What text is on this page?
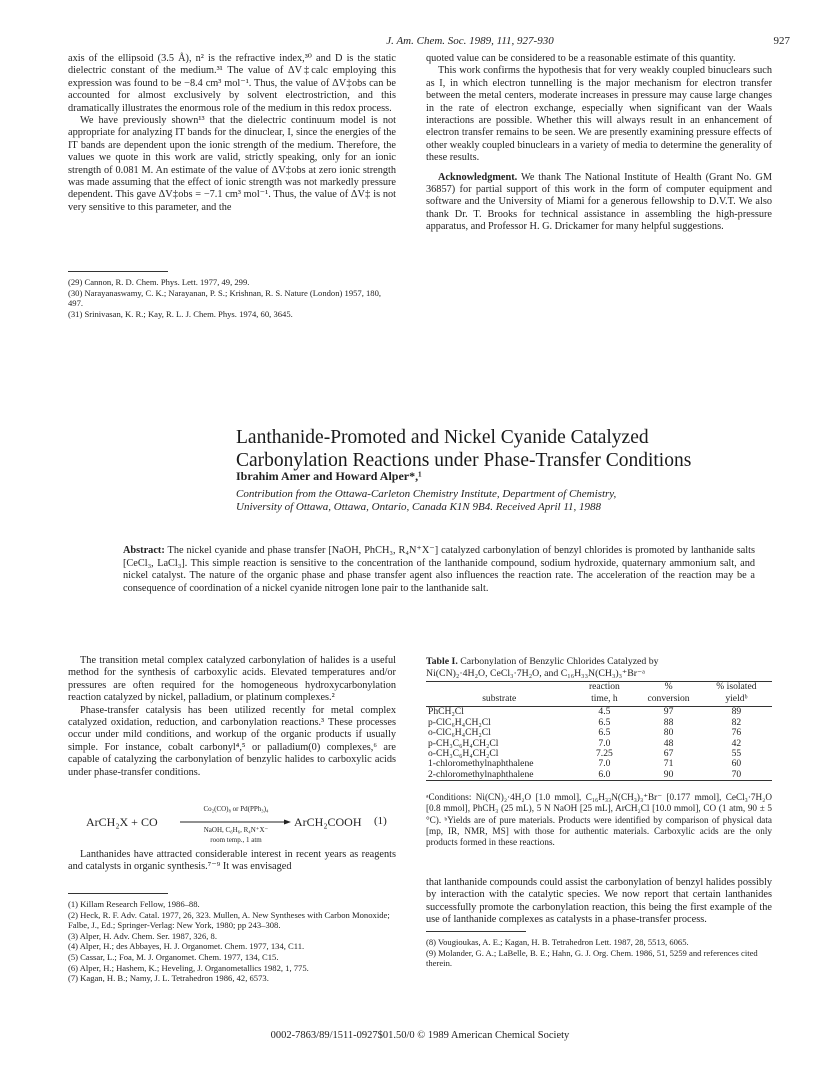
J. Am. Chem. Soc. 1989, 111, 927-930	927

axis of the ellipsoid (3.5 Å), n² is the refractive index,³⁰ and D is the static dielectric constant of the medium.³¹ The value of ΔV‡calc employing this expression was found to be −8.4 cm³ mol⁻¹. Thus, the value of ΔV‡obs can be accounted for almost exclusively by solvent electrostriction, and this dramatically illustrates the enormous role of the medium in this redox process.

We have previously shown¹³ that the dielectric continuum model is not appropriate for analyzing IT bands for the dinuclear, I, since the energies of the IT bands are dependent upon the ionic strength of the medium. Therefore, the values we quote in this work are valid, strictly speaking, only for an ionic strength of 0.081 M. An estimate of the value of ΔV‡obs at zero ionic strength was made assuming that the effect of ionic strength was not markedly pressure dependent. This gave ΔV‡obs = −7.1 cm³ mol⁻¹. Thus, the value of ΔV‡ is not very sensitive to this parameter, and the

(29) Cannon, R. D. Chem. Phys. Lett. 1977, 49, 299.
(30) Narayanaswamy, C. K.; Narayanan, P. S.; Krishnan, R. S. Nature (London) 1957, 180, 497.
(31) Srinivasan, K. R.; Kay, R. L. J. Chem. Phys. 1974, 60, 3645.

quoted value can be considered to be a reasonable estimate of this quantity.

This work confirms the hypothesis that for very weakly coupled binuclears such as I, in which electron tunnelling is the major mechanism for electron transfer between the metal centers, moderate increases in pressure may cause large changes in the rate of electron exchange, especially when significant van der Waals interactions are possible. Whether this will always result in an enhancement of electron transfer remains to be seen. We are presently examining pressure effects of other weakly coupled binuclears in a variety of media to determine the generality of these results.

Acknowledgment. We thank The National Institute of Health (Grant No. GM 36857) for partial support of this work in the form of computer equipment and software and the University of Miami for a generous fellowship to D.V.T. We also thank Dr. T. Brooks for technical assistance in assembling the high-pressure apparatus, and Professor H. G. Drickamer for many helpful suggestions.

Lanthanide-Promoted and Nickel Cyanide Catalyzed
Carbonylation Reactions under Phase-Transfer Conditions
Ibrahim Amer and Howard Alper*,¹
Contribution from the Ottawa-Carleton Chemistry Institute, Department of Chemistry,
University of Ottawa, Ottawa, Ontario, Canada K1N 9B4. Received April 11, 1988

Abstract: The nickel cyanide and phase transfer [NaOH, PhCH₃, R₄N⁺X⁻] catalyzed carbonylation of benzyl chlorides is promoted by lanthanide salts [CeCl₃, LaCl₃]. This simple reaction is sensitive to the concentration of the lanthanide compound, sodium hydroxide, quaternary ammonium salt, and nickel catalyst. The nature of the organic phase and phase transfer agent also influences the reaction rate. The acceleration of the reaction may be a consequence of coordination of a nickel cyanide nitrogen lone pair to the lanthanide salt.

The transition metal complex catalyzed carbonylation of halides is a useful method for the synthesis of carboxylic acids. Elevated temperatures and/or pressures are often required for the homogeneous hydroxycarbonylation reaction catalyzed by nickel, palladium, or platinum complexes.²

Phase-transfer catalysis has been utilized recently for metal complex catalyzed oxidation, reduction, and carbonylation reactions.³ These processes occur under mild conditions, and workup of the organic products if usually simple. For instance, cobalt carbonyl⁴,⁵ or palladium(0) complexes,⁶ are capable of catalyzing the carbonylation of benzylic halides to carboxylic acids under phase-transfer conditions.

ArCH₂X + CO
Co₂(CO)₈ or Pd(PPh₃)₄
NaOH, C₆H₆, R₄N⁺X⁻
room temp., 1 atm
ArCH₂COOH (1)

Lanthanides have attracted considerable interest in recent years as reagents and catalysts in organic synthesis.⁷⁻⁹ It was envisaged

(1) Killam Research Fellow, 1986–88.
(2) Heck, R. F. Adv. Catal. 1977, 26, 323. Mullen, A. New Syntheses with Carbon Monoxide; Falbe, J., Ed.; Springer-Verlag: New York, 1980; pp 243–308.
(3) Alper, H. Adv. Chem. Ser. 1987, 326, 8.
(4) Alper, H.; des Abbayes, H. J. Organomet. Chem. 1977, 134, C11.
(5) Cassar, L.; Foa, M. J. Organomet. Chem. 1977, 134, C15.
(6) Alper, H.; Hashem, K.; Heveling, J. Organometallics 1982, 1, 775.
(7) Kagan, H. B.; Namy, J. L. Tetrahedron 1986, 42, 6573.
Table I. Carbonylation of Benzylic Chlorides Catalyzed by
Ni(CN)₂·4H₂O, CeCl₃·7H₂O, and C₁₆H₃₃N(CH₃)₃⁺Br⁻ᵃ
	reaction	%	% isolated
substrate	time, h	conversion	yieldᵇ
PhCH₂Cl	4.5	97	89
p-ClC₆H₄CH₂Cl	6.5	88	82
o-ClC₆H₄CH₂Cl	6.5	80	76
p-CH₃C₆H₄CH₂Cl	7.0	48	42
o-CH₃C₆H₄CH₂Cl	7.25	67	55
1-chloromethylnaphthalene	7.0	71	60
2-chloromethylnaphthalene	6.0	90	70

ᵃConditions: Ni(CN)₂·4H₂O [1.0 mmol], C₁₆H₃₃N(CH₃)₃⁺Br⁻ [0.177 mmol], CeCl₃·7H₂O [0.8 mmol], PhCH₃ (25 mL), 5 N NaOH [25 mL], ArCH₂Cl [10.0 mmol], CO (1 atm, 90 ± 5 °C). ᵇYields are of pure materials. Products were identified by comparison of physical data [mp, IR, NMR, MS] with those for authentic materials. Carboxylic acids are the only products formed in these reactions.

that lanthanide compounds could assist the carbonylation of benzyl halides possibly by interaction with the catalytic species. We now report that certain lanthanides successfully promote the carbonylation reaction, this being the first example of the use of lanthanide complexes as catalysts in a phase-transfer process.

(8) Vougioukas, A. E.; Kagan, H. B. Tetrahedron Lett. 1987, 28, 5513, 6065.
(9) Molander, G. A.; LaBelle, B. E.; Hahn, G. J. Org. Chem. 1986, 51, 5259 and references cited therein.
0002-7863/89/1511-0927$01.50/0 © 1989 American Chemical Society
